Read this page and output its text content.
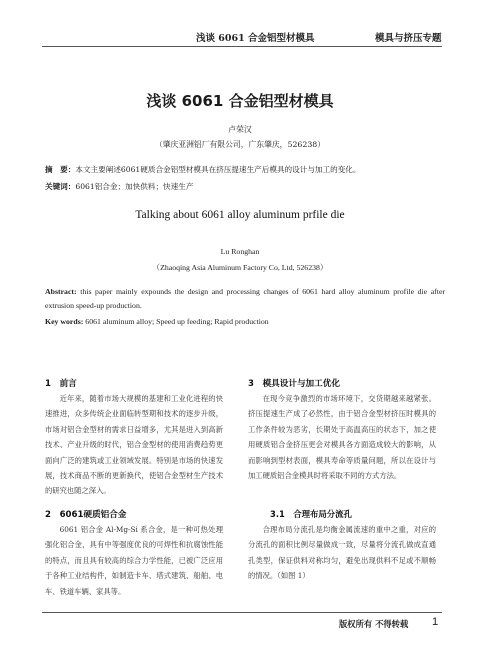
浅谈 6061 合金铝型材模具	模具与挤压专题
浅谈 6061 合金铝型材模具
卢荣汉
（肇庆亚洲铝厂有限公司，广东肇庆，526238）
摘　要：本文主要阐述6061硬质合金铝型材模具在挤压提速生产后模具的设计与加工的变化。
关键词：6061铝合金；加快供料；快速生产
Talking about 6061 alloy aluminum prfile die
Lu Ronghan
（Zhaoqing Asia Aluminum Factory Co, Ltd, 526238）
Abstract: this paper mainly expounds the design and processing changes of 6061 hard alloy aluminum profile die after extrusion speed-up production.
Key words: 6061 aluminum alloy; Speed up feeding; Rapid production
1　前言

近年来，随着市场大规模的基建和工业化进程的快速推进，众多传统企业面临转型期和技术的逐步升级，市场对铝合金型材的需求日益增多，尤其是进入到高新技术、产业升级的时代，铝合金型材的使用消费趋势更面向广泛的建筑或工业领域发展。特别是市场的快速发展，技术商品不断的更新换代，使铝合金型材生产技术的研究也随之深入。

2　6061硬质铝合金

6061 铝合金 Al-Mg-Si 系合金，是一种可热处理强化铝合金，具有中等强度优良的可焊性和抗腐蚀性能的特点，而且具有较高的综合力学性能，已被广泛应用于各种工业结构件，如制造卡车、塔式建筑、船舶、电车、铁道车辆、家具等。

3　模具设计与加工优化

在现今竞争激烈的市场环境下，交货期越来越紧张。挤压提速生产成了必然性，由于铝合金型材挤压时模具的工作条件较为恶劣，长期处于高温高压的状态下，加之使用硬质铝合金挤压更会对模具各方面造成较大的影响，从而影响到型材表面，模具寿命等质量问题，所以在设计与加工硬质铝合金模具时将采取不同的方式方法。

3.1　合理布局分流孔

合理布局分流孔是均衡金属流速的重中之重，对应的分流孔的面积比例尽量做成一致，尽量将分流孔做成直通孔类型，保证供料对称均匀，避免出现供料不足或不顺畅的情况。（如图 1）

版权所有 不得转载 1
